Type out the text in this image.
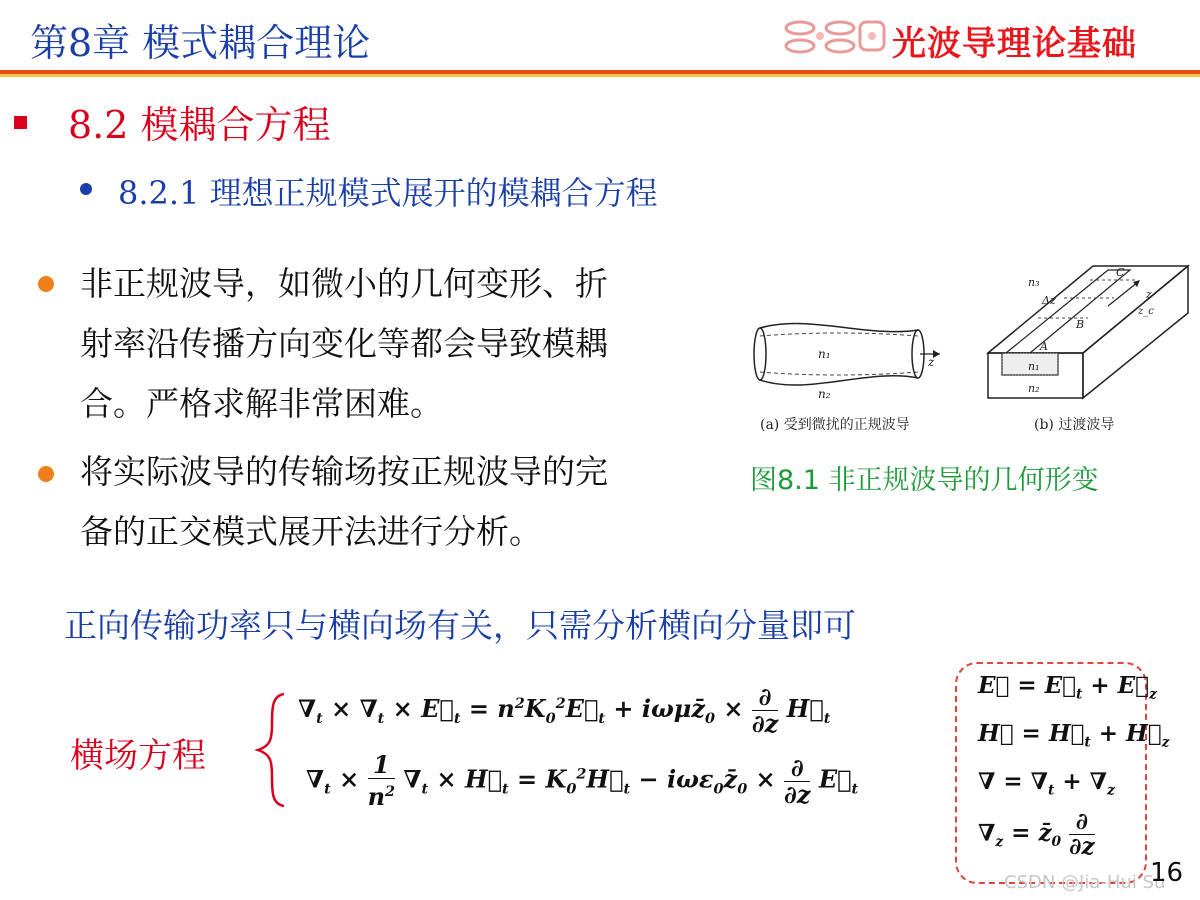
第8章 模式耦合理论	光波导理论基础
8.2 模耦合方程
8.2.1 理想正规模式展开的模耦合方程
非正规波导，如微小的几何变形、折
射率沿传播方向变化等都会导致模耦
合。严格求解非常困难。
将实际波导的传输场按正规波导的完
备的正交模式展开法进行分析。
z
n₁
n₂
(a) 受到微扰的正规波导
n₃
Δz
C
B
A
z
z_c
n₁
n₂
(b) 过渡波导
图8.1 非正规波导的几何形变
正向传输功率只与横向场有关，只需分析横向分量即可
横场方程
$\nabla_t \times \nabla_t$ × $E⃗_t$ = $n^2K_0^2E⃗_t$ + $i\omega\mu z̄_0$ × ∂
∂z
$H⃗_t$
$\nabla_t \times \frac{1}{n^2} \nabla_t$ × $H⃗_t$ = $K_0^2H⃗_t$ − $i\omega\varepsilon_0z̄_0$ × ∂
∂z
$E⃗_t$
E⃗ = $E⃗_t$ + $E⃗_z$
H⃗ = $H⃗_t$ + $H⃗_z$
∇ = $\nabla_t + \nabla_z$
$\nabla_z$ = $z̄_0$
∂
∂z
CSDN @Jia-Hui Su
16
